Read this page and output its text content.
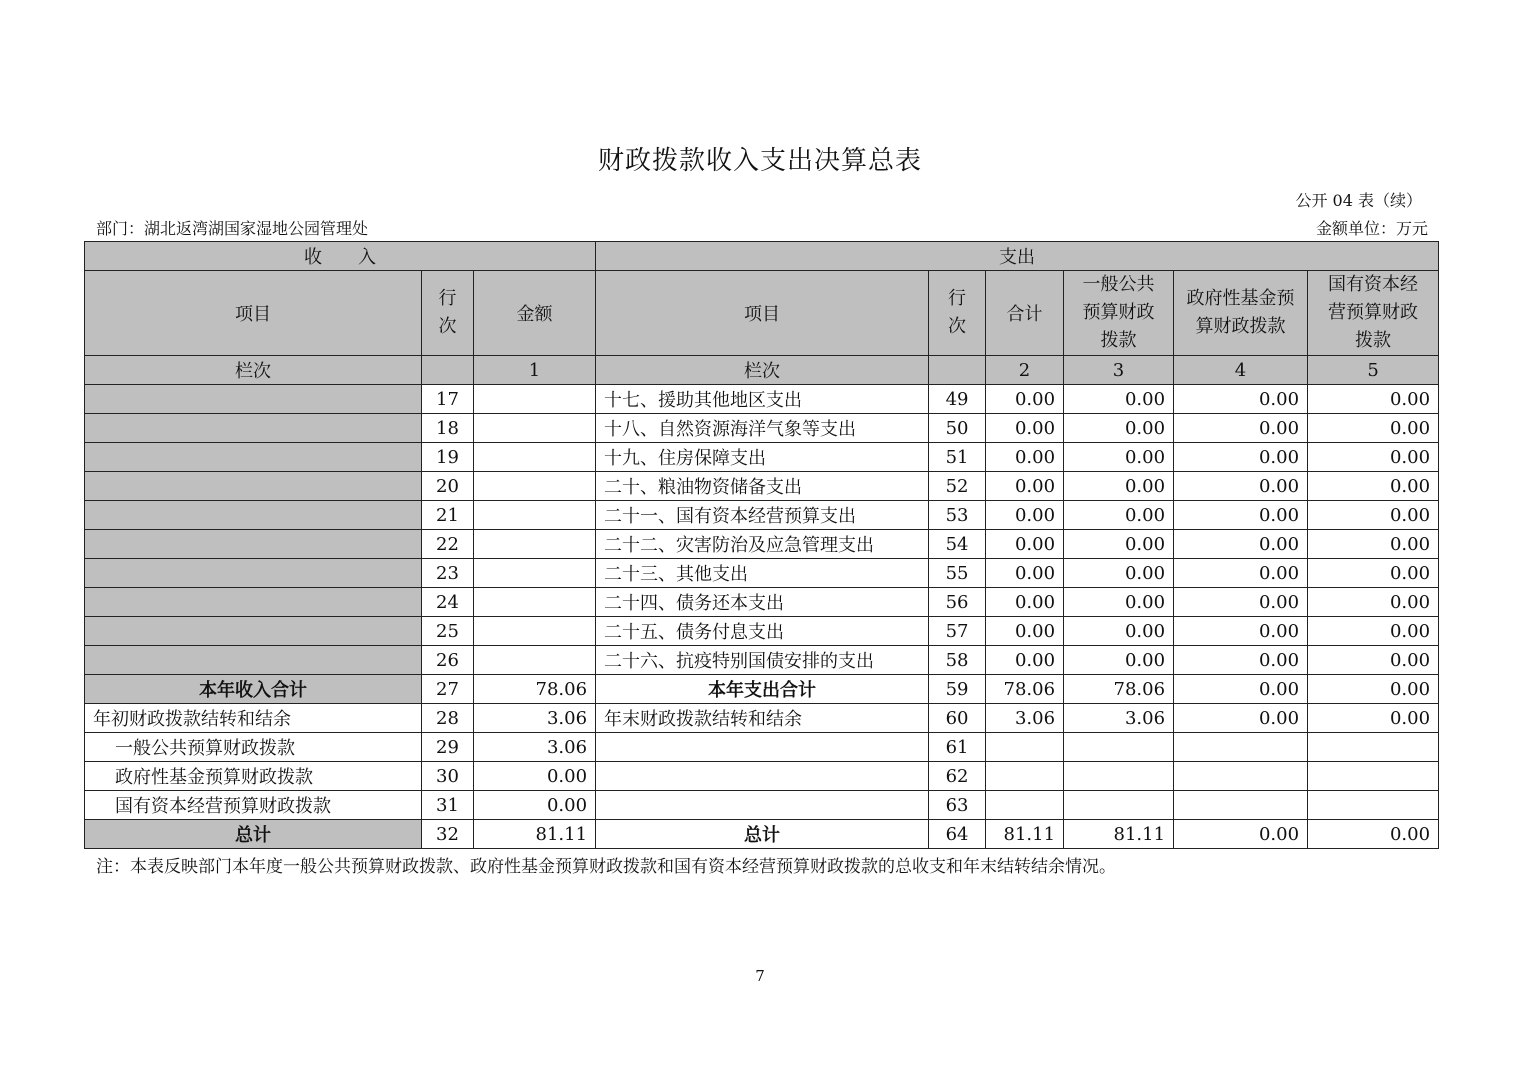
财政拨款收入支出决算总表
公开 04 表（续）
部门：湖北返湾湖国家湿地公园管理处	金额单位：万元
收　　入			支出					
项目	行次	金额	项目	行次	合计	一般公共预算财政拨款	政府性基金预算财政拨款	国有资本经营预算财政拨款
栏次		1	栏次		2	3	4	5
	17		十七、援助其他地区支出	49	0.00	0.00	0.00	0.00
	18		十八、自然资源海洋气象等支出	50	0.00	0.00	0.00	0.00
	19		十九、住房保障支出	51	0.00	0.00	0.00	0.00
	20		二十、粮油物资储备支出	52	0.00	0.00	0.00	0.00
	21		二十一、国有资本经营预算支出	53	0.00	0.00	0.00	0.00
	22		二十二、灾害防治及应急管理支出	54	0.00	0.00	0.00	0.00
	23		二十三、其他支出	55	0.00	0.00	0.00	0.00
	24		二十四、债务还本支出	56	0.00	0.00	0.00	0.00
	25		二十五、债务付息支出	57	0.00	0.00	0.00	0.00
	26		二十六、抗疫特别国债安排的支出	58	0.00	0.00	0.00	0.00
本年收入合计	27	78.06	本年支出合计	59	78.06	78.06	0.00	0.00
年初财政拨款结转和结余	28	3.06	年末财政拨款结转和结余	60	3.06	3.06	0.00	0.00
一般公共预算财政拨款	29	3.06		61				
政府性基金预算财政拨款	30	0.00		62				
国有资本经营预算财政拨款	31	0.00		63				
总计	32	81.11	总计	64	81.11	81.11	0.00	0.00
注：本表反映部门本年度一般公共预算财政拨款、政府性基金预算财政拨款和国有资本经营预算财政拨款的总收支和年末结转结余情况。
7
